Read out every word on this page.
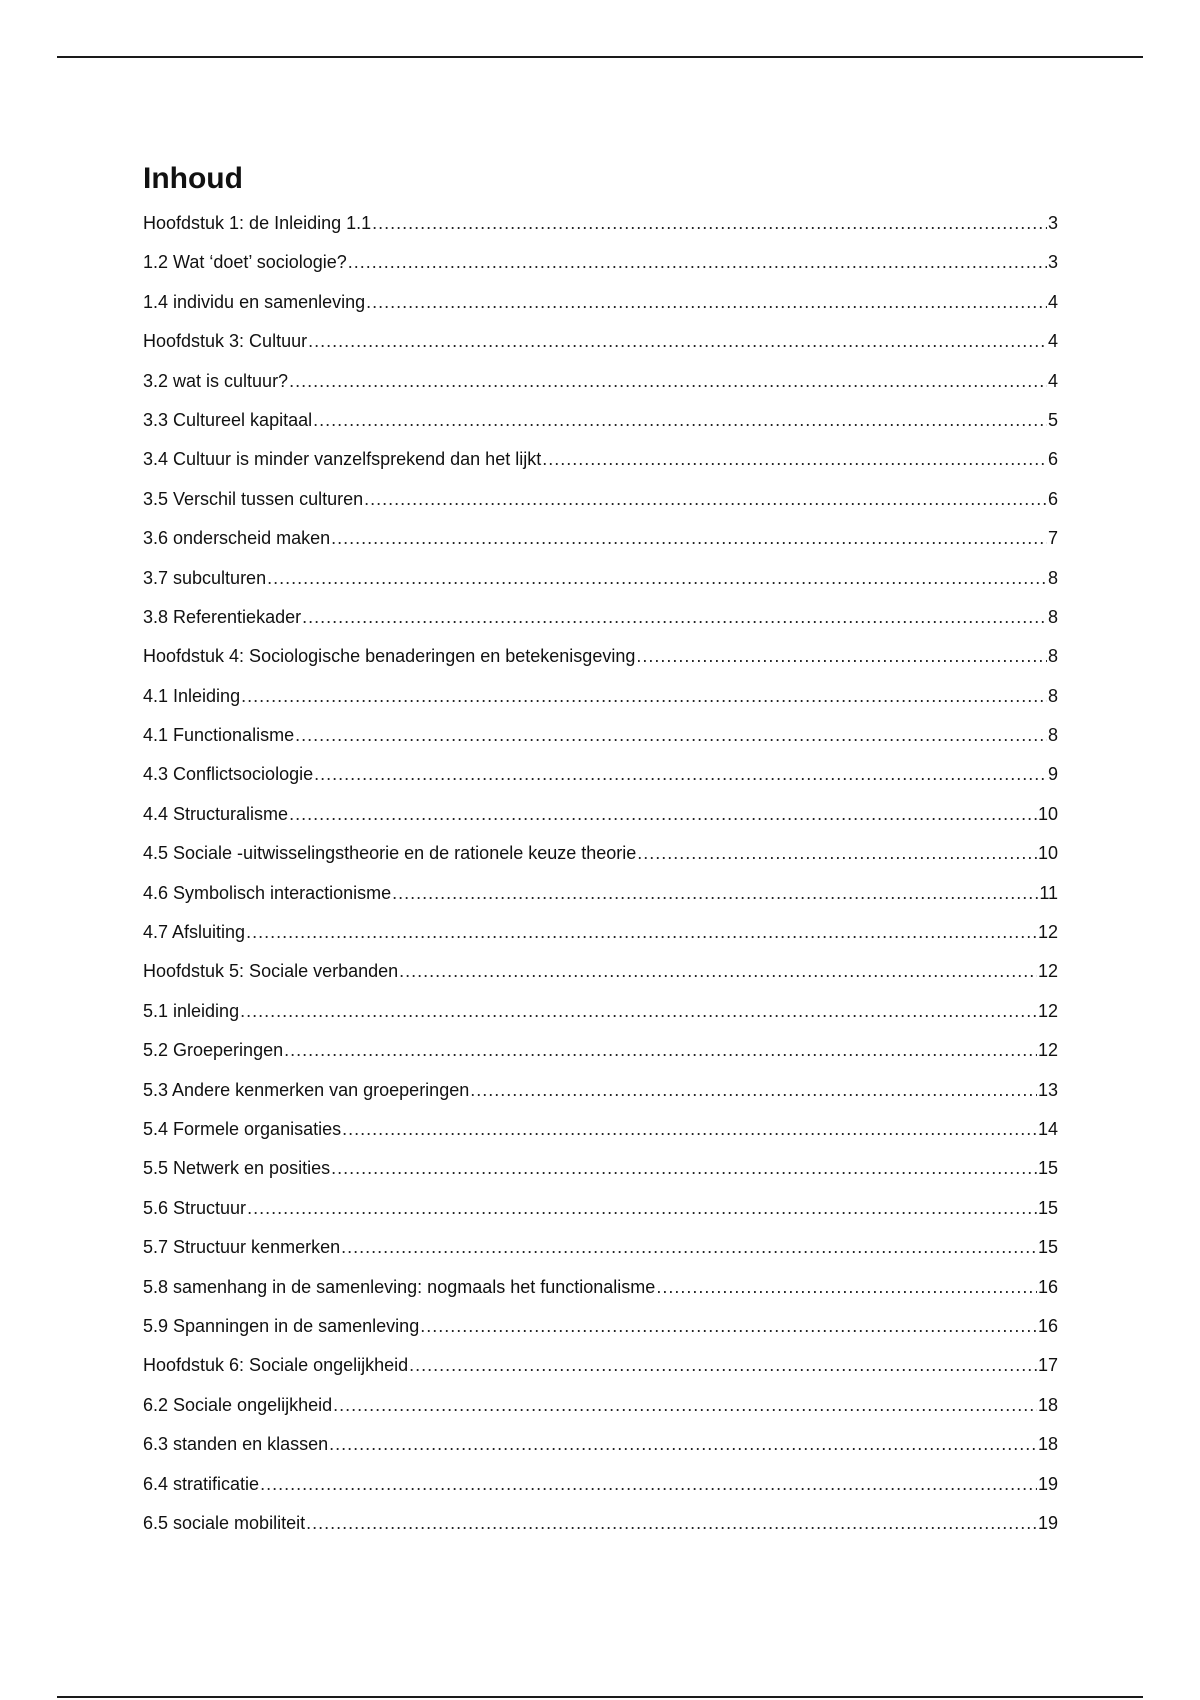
Inhoud
Hoofdstuk 1: de Inleiding 1.1 .....	3
1.2 Wat ‘doet’ sociologie? .....	3
1.4 individu en samenleving .....	4
Hoofdstuk 3: Cultuur .....	4
3.2 wat is cultuur? .....	4
3.3 Cultureel kapitaal .....	5
3.4 Cultuur is minder vanzelfsprekend dan het lijkt .....	6
3.5 Verschil tussen culturen .....	6
3.6 onderscheid maken .....	7
3.7 subculturen .....	8
3.8 Referentiekader .....	8
Hoofdstuk 4: Sociologische benaderingen en betekenisgeving .....	8
4.1 Inleiding .....	8
4.1 Functionalisme .....	8
4.3 Conflictsociologie .....	9
4.4 Structuralisme .....	10
4.5 Sociale -uitwisselingstheorie en de rationele keuze theorie .....	10
4.6 Symbolisch interactionisme .....	11
4.7 Afsluiting .....	12
Hoofdstuk 5: Sociale verbanden .....	12
5.1 inleiding .....	12
5.2 Groeperingen .....	12
5.3 Andere kenmerken van groeperingen .....	13
5.4 Formele organisaties .....	14
5.5 Netwerk en posities .....	15
5.6 Structuur .....	15
5.7 Structuur kenmerken .....	15
5.8 samenhang in de samenleving: nogmaals het functionalisme .....	16
5.9 Spanningen in de samenleving .....	16
Hoofdstuk 6: Sociale ongelijkheid .....	17
6.2 Sociale ongelijkheid .....	18
6.3 standen en klassen .....	18
6.4 stratificatie .....	19
6.5 sociale mobiliteit .....	19
